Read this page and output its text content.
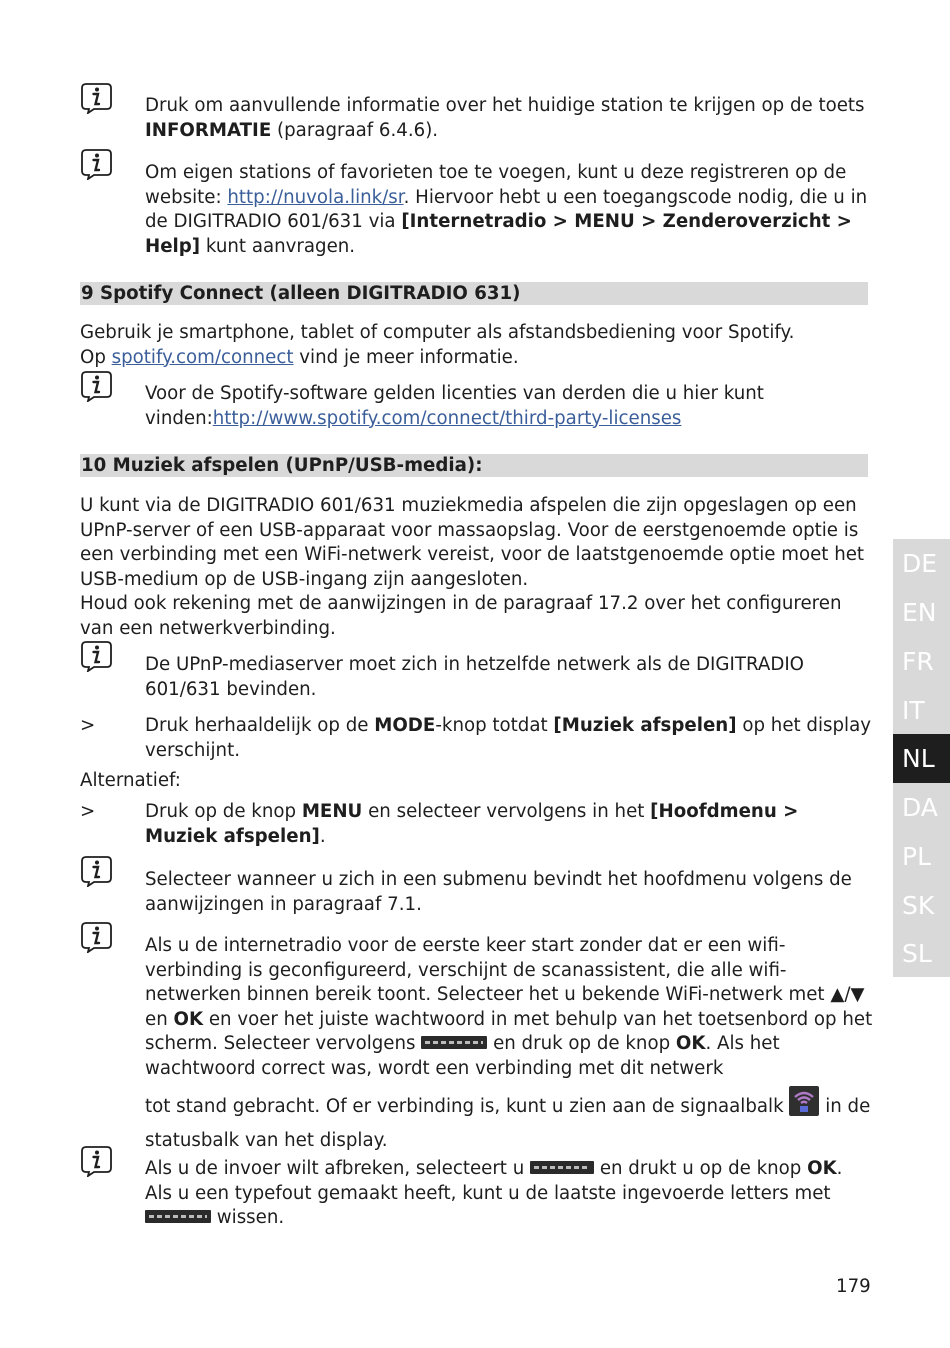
Druk om aanvullende informatie over het huidige station te krijgen op de toets INFORMATIE (paragraaf 6.4.6).
Om eigen stations of favorieten toe te voegen, kunt u deze registreren op de website: http://nuvola.link/sr. Hiervoor hebt u een toegangscode nodig, die u in de DIGITRADIO 601/631 via [Internetradio > MENU > Zenderoverzicht > Help] kunt aanvragen.
9 Spotify Connect (alleen DIGITRADIO 631)
Gebruik je smartphone, tablet of computer als afstandsbediening voor Spotify.
Op spotify.com/connect vind je meer informatie.
Voor de Spotify-software gelden licenties van derden die u hier kunt vinden:http://www.spotify.com/connect/third-party-licenses
10 Muziek afspelen (UPnP/USB-media):
U kunt via de DIGITRADIO 601/631 muziekmedia afspelen die zijn opgeslagen op een UPnP-server of een USB-apparaat voor massaopslag. Voor de eerstgenoemde optie is een verbinding met een WiFi-netwerk vereist, voor de laatstgenoemde optie moet het USB-medium op de USB-ingang zijn aangesloten.
Houd ook rekening met de aanwijzingen in de paragraaf 17.2 over het configureren van een netwerkverbinding.
De UPnP-mediaserver moet zich in hetzelfde netwerk als de DIGITRADIO 601/631 bevinden.
>	Druk herhaaldelijk op de MODE-knop totdat [Muziek afspelen] op het display verschijnt.
Alternatief:
>	Druk op de knop MENU en selecteer vervolgens in het [Hoofdmenu > Muziek afspelen].
Selecteer wanneer u zich in een submenu bevindt het hoofdmenu volgens de aanwijzingen in paragraaf 7.1.
Als u de internetradio voor de eerste keer start zonder dat er een wifi-verbinding is geconfigureerd, verschijnt de scanassistent, die alle wifi-netwerken binnen bereik toont. Selecteer het u bekende WiFi-netwerk met ▲/▼ en OK en voer het juiste wachtwoord in met behulp van het toetsenbord op het scherm. Selecteer vervolgens	en druk op de knop OK. Als het wachtwoord correct was, wordt een verbinding met dit netwerk
tot stand gebracht. Of er verbinding is, kunt u zien aan de signaalbalk
in de statusbalk van het display.
Als u de invoer wilt afbreken, selecteert u	en drukt u op de knop OK.
Als u een typefout gemaakt heeft, kunt u de laatste ingevoerde letters met
wissen.
DE
EN
FR
IT
NL
DA
PL
SK
SL
179
